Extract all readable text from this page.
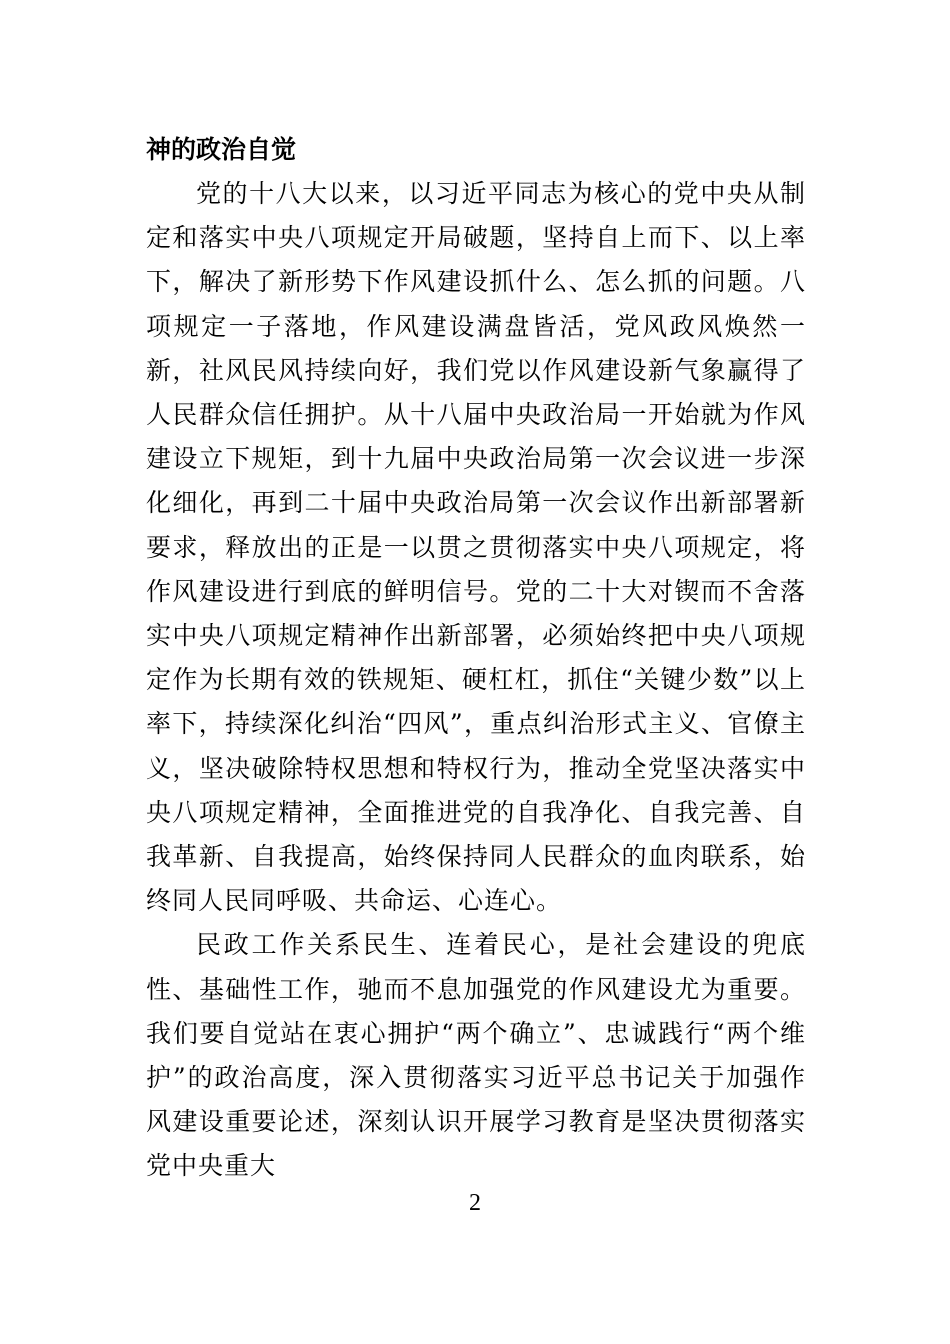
神的政治自觉

党的十八大以来，以习近平同志为核心的党中央从制定和落实中央八项规定开局破题，坚持自上而下、以上率下，解决了新形势下作风建设抓什么、怎么抓的问题。八项规定一子落地，作风建设满盘皆活，党风政风焕然一新，社风民风持续向好，我们党以作风建设新气象赢得了人民群众信任拥护。从十八届中央政治局一开始就为作风建设立下规矩，到十九届中央政治局第一次会议进一步深化细化，再到二十届中央政治局第一次会议作出新部署新要求，释放出的正是一以贯之贯彻落实中央八项规定，将作风建设进行到底的鲜明信号。党的二十大对锲而不舍落实中央八项规定精神作出新部署，必须始终把中央八项规定作为长期有效的铁规矩、硬杠杠，抓住“关键少数”以上率下，持续深化纠治“四风”，重点纠治形式主义、官僚主义，坚决破除特权思想和特权行为，推动全党坚决落实中央八项规定精神，全面推进党的自我净化、自我完善、自我革新、自我提高，始终保持同人民群众的血肉联系，始终同人民同呼吸、共命运、心连心。

民政工作关系民生、连着民心，是社会建设的兜底性、基础性工作，驰而不息加强党的作风建设尤为重要。我们要自觉站在衷心拥护“两个确立”、忠诚践行“两个维护”的政治高度，深入贯彻落实习近平总书记关于加强作风建设重要论述，深刻认识开展学习教育是坚决贯彻落实党中央重大

2
